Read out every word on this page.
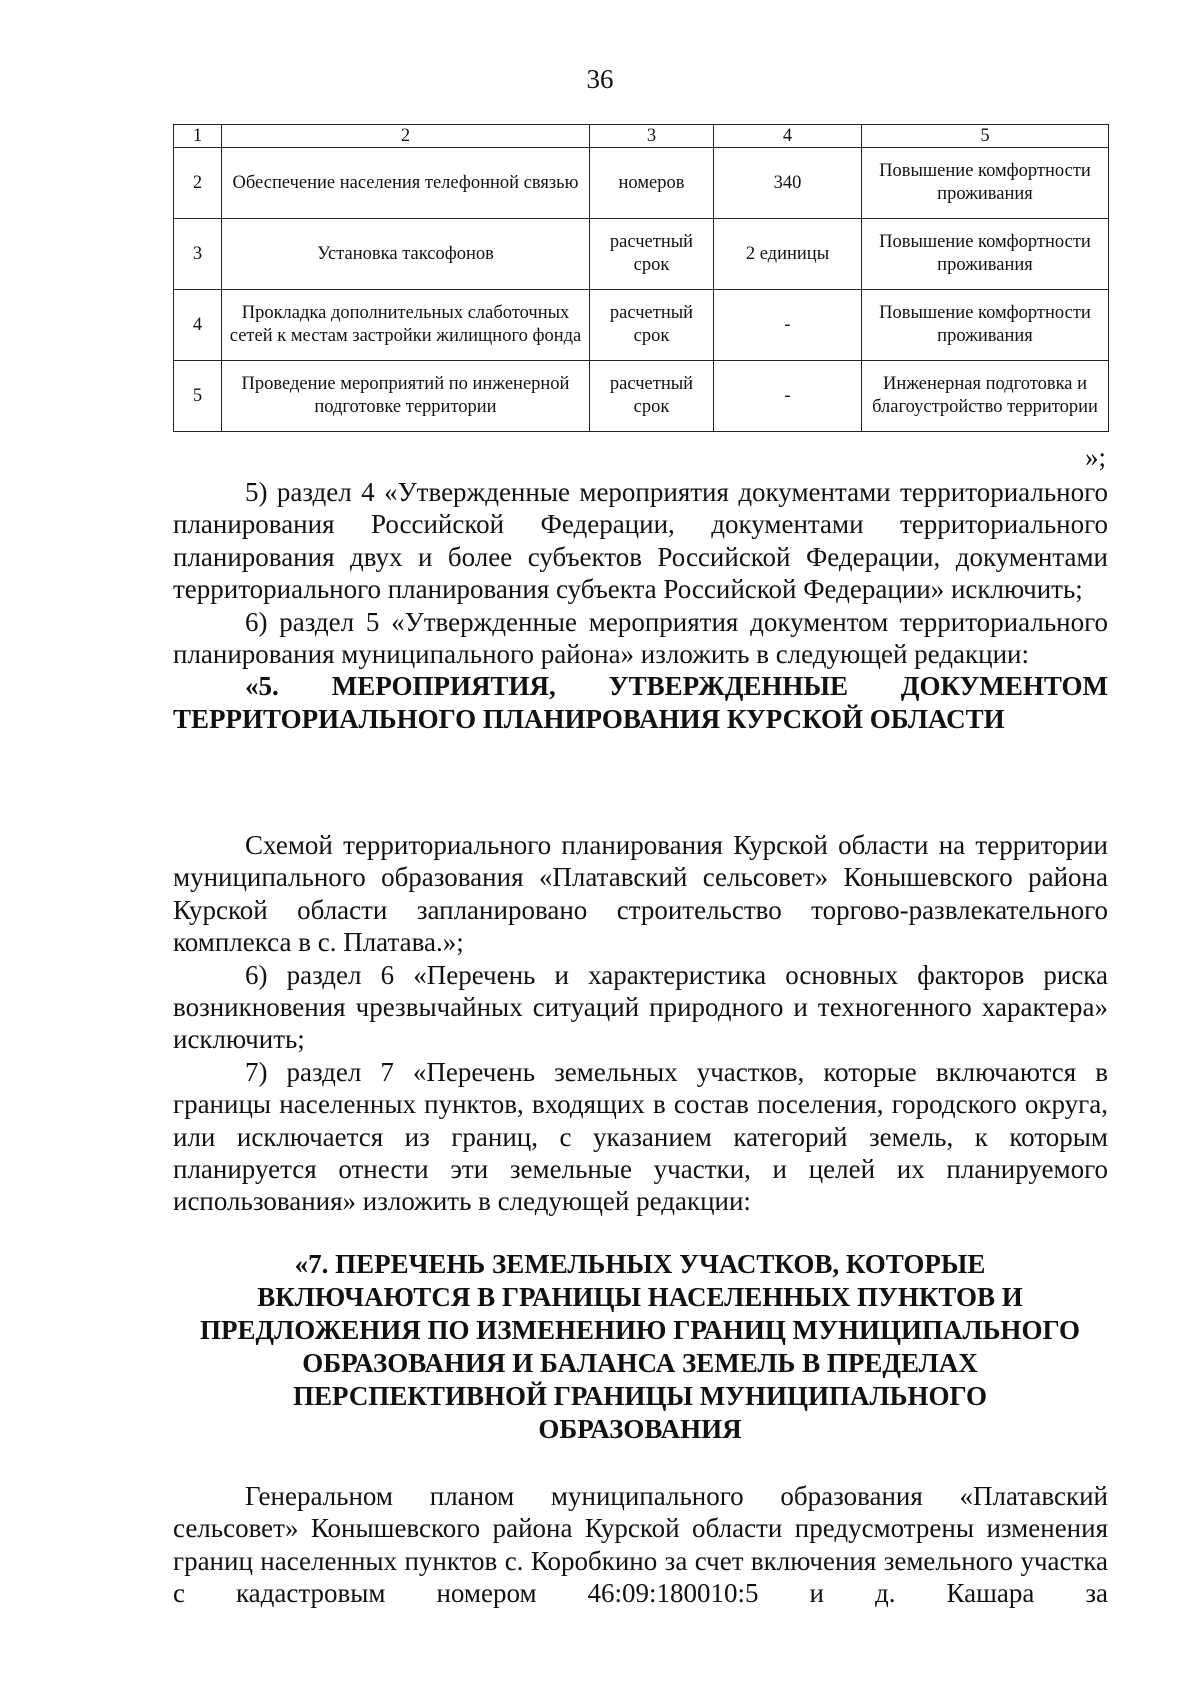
36
1	2	3	4	5
2	Обеспечение населения телефонной связью	номеров	340	Повышение комфортности проживания
3	Установка таксофонов	расчетный срок	2 единицы	Повышение комфортности проживания
4	Прокладка дополнительных слаботочных сетей к местам застройки жилищного фонда	расчетный срок	-	Повышение комфортности проживания
5	Проведение мероприятий по инженерной подготовке территории	расчетный срок	-	Инженерная подготовка и благоустройство территории
»;

5) раздел 4 «Утвержденные мероприятия документами территориального планирования Российской Федерации, документами территориального планирования двух и более субъектов Российской Федерации, документами территориального планирования субъекта Российской Федерации» исключить;

6) раздел 5 «Утвержденные мероприятия документом территориального планирования муниципального района» изложить в следующей редакции:

«5. МЕРОПРИЯТИЯ, УТВЕРЖДЕННЫЕ ДОКУМЕНТОМ ТЕРРИТОРИАЛЬНОГО ПЛАНИРОВАНИЯ КУРСКОЙ ОБЛАСТИ

Схемой территориального планирования Курской области на территории муниципального образования «Платавский сельсовет» Конышевского района Курской области запланировано строительство торгово-развлекательного комплекса в с. Платава.»;

6) раздел 6 «Перечень и характеристика основных факторов риска возникновения чрезвычайных ситуаций природного и техногенного характера» исключить;

7) раздел 7 «Перечень земельных участков, которые включаются в границы населенных пунктов, входящих в состав поселения, городского округа, или исключается из границ, с указанием категорий земель, к которым планируется отнести эти земельные участки, и целей их планируемого использования» изложить в следующей редакции:

«7. ПЕРЕЧЕНЬ ЗЕМЕЛЬНЫХ УЧАСТКОВ, КОТОРЫЕ ВКЛЮЧАЮТСЯ В ГРАНИЦЫ НАСЕЛЕННЫХ ПУНКТОВ И ПРЕДЛОЖЕНИЯ ПО ИЗМЕНЕНИЮ ГРАНИЦ МУНИЦИПАЛЬНОГО ОБРАЗОВАНИЯ И БАЛАНСА ЗЕМЕЛЬ В ПРЕДЕЛАХ ПЕРСПЕКТИВНОЙ ГРАНИЦЫ МУНИЦИПАЛЬНОГО ОБРАЗОВАНИЯ

Генеральном планом муниципального образования «Платавский сельсовет» Конышевского района Курской области предусмотрены изменения границ населенных пунктов с. Коробкино за счет включения земельного участка с кадастровым номером 46:09:180010:5 и д. Кашара за
